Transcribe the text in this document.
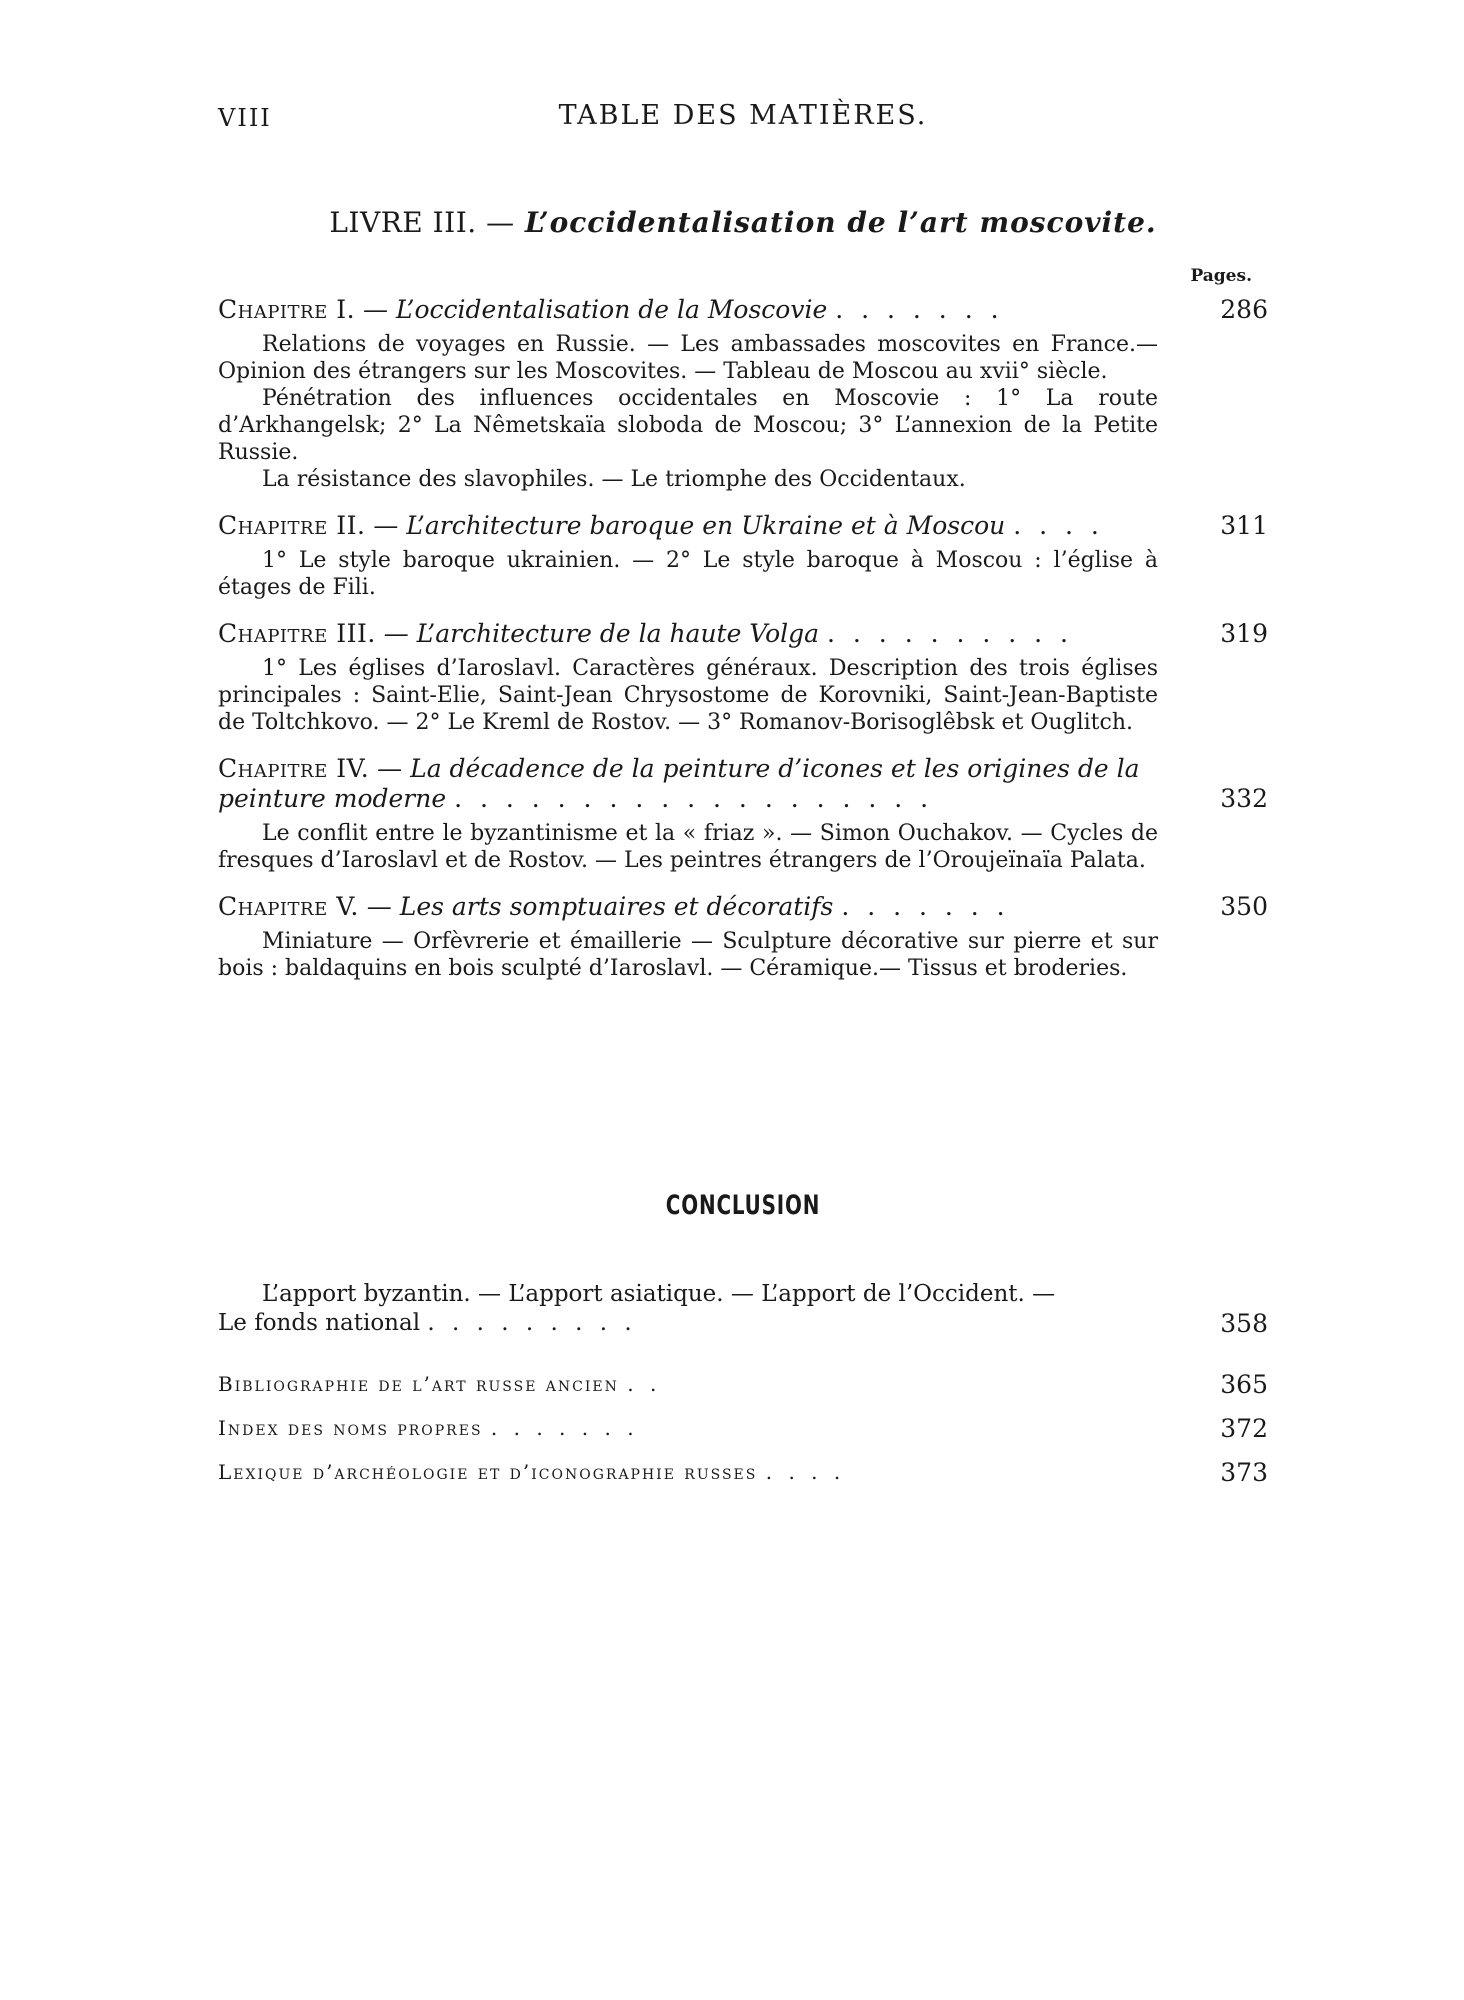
VIII	TABLE DES MATIÈRES.
LIVRE III. — L’occidentalisation de l’art moscovite.
Pages.
Chapitre I. — L’occidentalisation de la Moscovie . . . . . . .	286

Relations de voyages en Russie. — Les ambassades moscovites en France.— Opinion des étrangers sur les Moscovites. — Tableau de Moscou au xvii° siècle.

Pénétration des influences occidentales en Moscovie : 1° La route d’Arkhangelsk; 2° La Nêmetskaïa sloboda de Moscou; 3° L’annexion de la Petite Russie.

La résistance des slavophiles. — Le triomphe des Occidentaux.

Chapitre II. — L’architecture baroque en Ukraine et à Moscou . . . .	311

1° Le style baroque ukrainien. — 2° Le style baroque à Moscou : l’église à étages de Fili.

Chapitre III. — L’architecture de la haute Volga . . . . . . . . . .	319

1° Les églises d’Iaroslavl. Caractères généraux. Description des trois églises principales : Saint-Elie, Saint-Jean Chrysostome de Korovniki, Saint-Jean-Baptiste de Toltchkovo. — 2° Le Kreml de Rostov. — 3° Romanov-Borisoglêbsk et Ouglitch.

Chapitre IV. — La décadence de la peinture d’icones et les origines de la peinture moderne . . . . . . . . . . . . . . . . . . .	332

Le conflit entre le byzantinisme et la « friaz ». — Simon Ouchakov. — Cycles de fresques d’Iaroslavl et de Rostov. — Les peintres étrangers de l’Oroujeïnaïa Palata.

Chapitre V. — Les arts somptuaires et décoratifs . . . . . . .	350

Miniature — Orfèvrerie et émaillerie — Sculpture décorative sur pierre et sur bois : baldaquins en bois sculpté d’Iaroslavl. — Céramique.— Tissus et broderies.

CONCLUSION
L’apport byzantin. — L’apport asiatique. — L’apport de l’Occident. —
Le fonds national . . . . . . . . .	358
Bibliographie de l’art russe ancien . .	365
Index des noms propres . . . . . . .	372
Lexique d’archéologie et d’iconographie russes . . . .	373
